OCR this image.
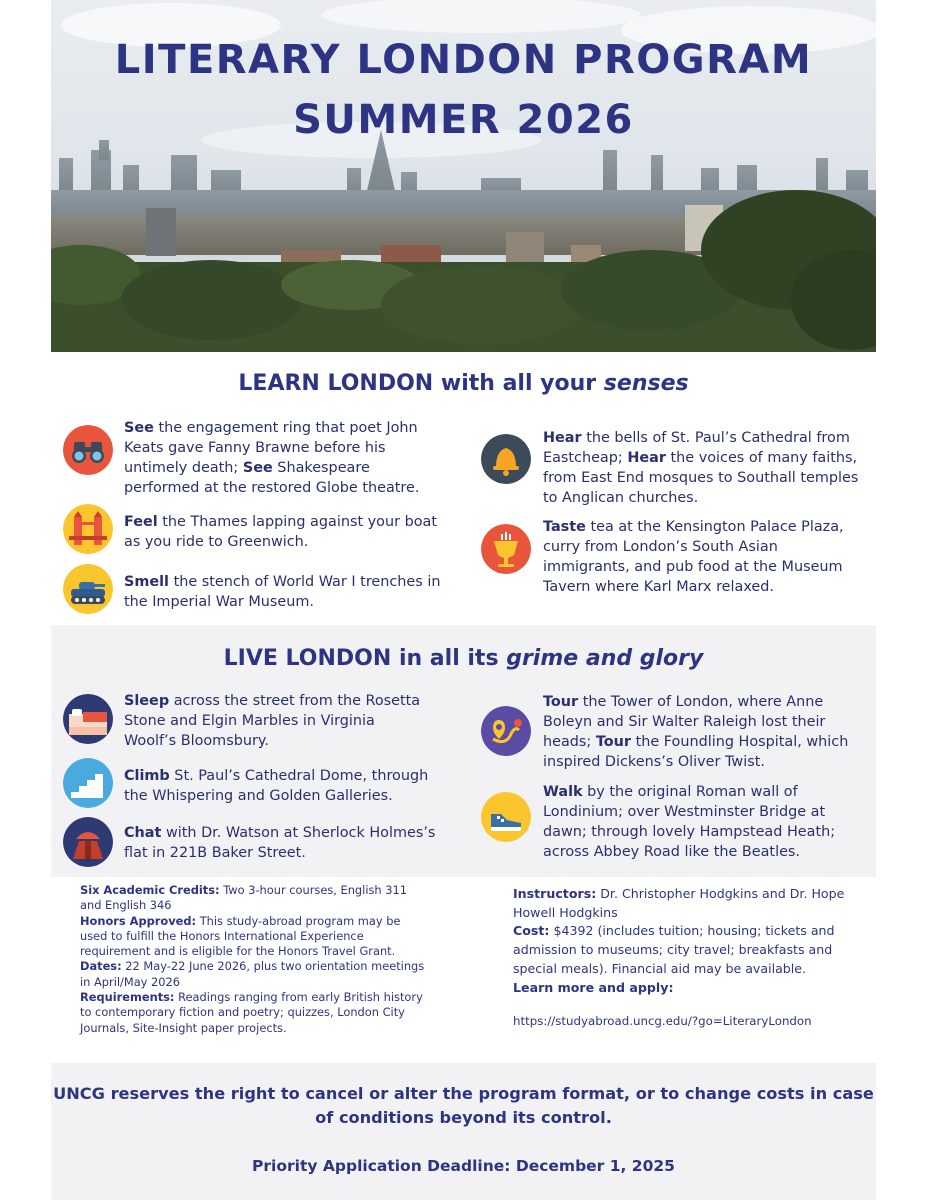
LITERARY LONDON PROGRAM
SUMMER 2026
LEARN LONDON with all your senses
See the engagement ring that poet John Keats gave Fanny Brawne before his untimely death; See Shakespeare performed at the restored Globe theatre.
Feel the Thames lapping against your boat as you ride to Greenwich.
Smell the stench of World War I trenches in the Imperial War Museum.
Hear the bells of St. Paul’s Cathedral from Eastcheap; Hear the voices of many faiths, from East End mosques to Southall temples to Anglican churches.
Taste tea at the Kensington Palace Plaza, curry from London’s South Asian immigrants, and pub food at the Museum Tavern where Karl Marx relaxed.
LIVE LONDON in all its grime and glory
Sleep across the street from the Rosetta Stone and Elgin Marbles in Virginia Woolf’s Bloomsbury.
Climb St. Paul’s Cathedral Dome, through the Whispering and Golden Galleries.
Chat with Dr. Watson at Sherlock Holmes’s flat in 221B Baker Street.
Tour the Tower of London, where Anne Boleyn and Sir Walter Raleigh lost their heads; Tour the Foundling Hospital, which inspired Dickens’s Oliver Twist.
Walk by the original Roman wall of Londinium; over Westminster Bridge at dawn; through lovely Hampstead Heath; across Abbey Road like the Beatles.

Six Academic Credits: Two 3-hour courses, English 311 and English 346

Honors Approved: This study-abroad program may be used to fulfill the Honors International Experience requirement and is eligible for the Honors Travel Grant.

Dates: 22 May-22 June 2026, plus two orientation meetings in April/May 2026

Requirements: Readings ranging from early British history to contemporary fiction and poetry; quizzes, London City Journals, Site-Insight paper projects.

Instructors: Dr. Christopher Hodgkins and Dr. Hope Howell Hodgkins

Cost: $4392 (includes tuition; housing; tickets and admission to museums; city travel; breakfasts and special meals). Financial aid may be available.

Learn more and apply:

https://studyabroad.uncg.edu/?go=LiteraryLondon
UNCG reserves the right to cancel or alter the program format, or to change costs in case
of conditions beyond its control.
Priority Application Deadline: December 1, 2025
